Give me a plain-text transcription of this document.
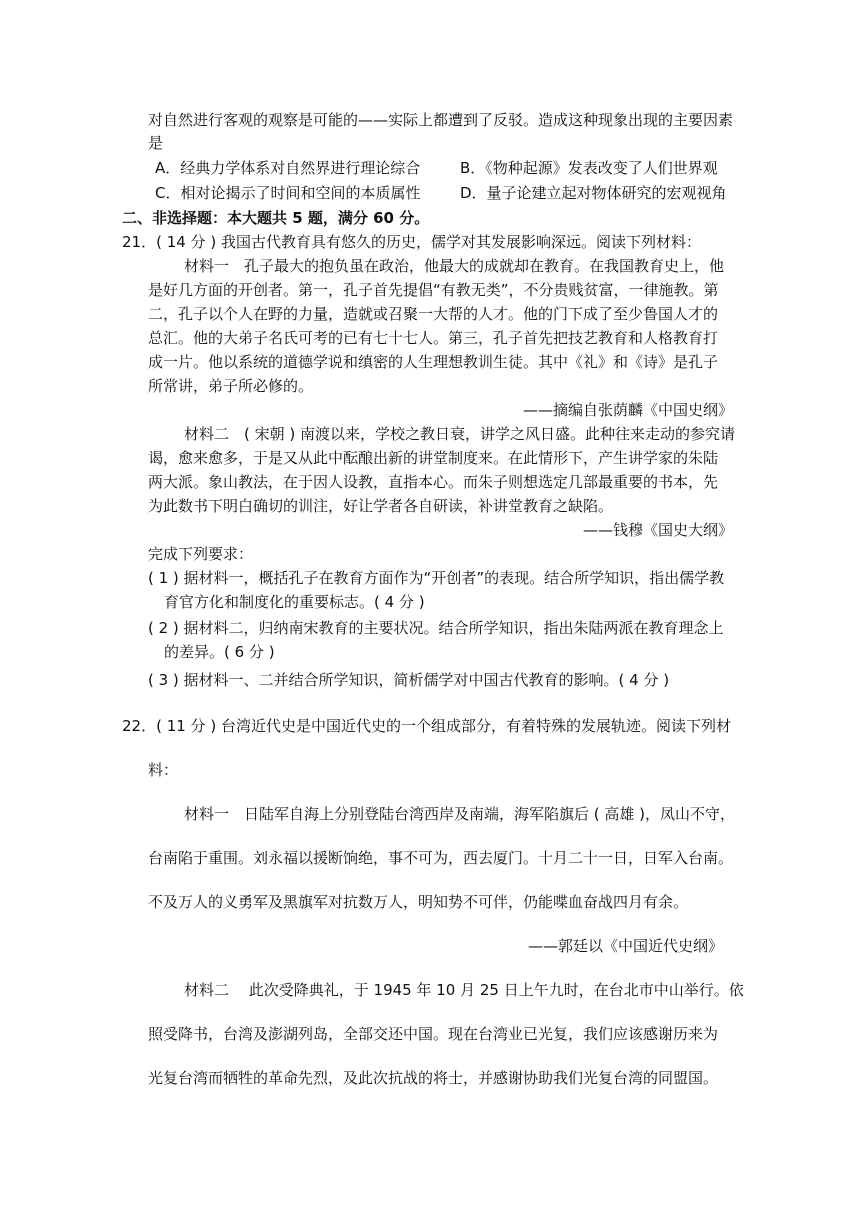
对自然进行客观的观察是可能的——实际上都遭到了反驳。造成这种现象出现的主要因素
是
A．经典力学体系对自然界进行理论综合	B．《物种起源》发表改变了人们世界观
C．相对论揭示了时间和空间的本质属性	D．量子论建立起对物体研究的宏观视角
二、非选择题：本大题共 5 题，满分 60 分。
21．( 14 分 ) 我国古代教育具有悠久的历史，儒学对其发展影响深远。阅读下列材料：
材料一　孔子最大的抱负虽在政治，他最大的成就却在教育。在我国教育史上，他
是好几方面的开创者。第一，孔子首先提倡“有教无类”，不分贵贱贫富，一律施教。第
二，孔子以个人在野的力量，造就或召聚一大帮的人才。他的门下成了至少鲁国人才的
总汇。他的大弟子名氏可考的已有七十七人。第三，孔子首先把技艺教育和人格教育打
成一片。他以系统的道德学说和缜密的人生理想教训生徒。其中《礼》和《诗》是孔子
所常讲，弟子所必修的。
——摘编自张荫麟《中国史纲》
材料二　( 宋朝 ) 南渡以来，学校之教日衰，讲学之风日盛。此种往来走动的参究请
谒，愈来愈多，于是又从此中酝酿出新的讲堂制度来。在此情形下，产生讲学家的朱陆
两大派。象山教法，在于因人设教，直指本心。而朱子则想选定几部最重要的书本，先
为此数书下明白确切的训注，好让学者各自研读，补讲堂教育之缺陷。
——钱穆《国史大纲》
完成下列要求：
( 1 ) 据材料一，概括孔子在教育方面作为“开创者”的表现。结合所学知识，指出儒学教
育官方化和制度化的重要标志。( 4 分 )
( 2 ) 据材料二，归纳南宋教育的主要状况。结合所学知识，指出朱陆两派在教育理念上
的差异。( 6 分 )
( 3 ) 据材料一、二并结合所学知识，简析儒学对中国古代教育的影响。( 4 分 )
22．( 11 分 ) 台湾近代史是中国近代史的一个组成部分，有着特殊的发展轨迹。阅读下列材
料：
材料一　日陆军自海上分别登陆台湾西岸及南端，海军陷旗后 ( 高雄 )，凤山不守，
台南陷于重围。刘永福以援断饷绝，事不可为，西去厦门。十月二十一日，日军入台南。
不及万人的义勇军及黑旗军对抗数万人，明知势不可伴，仍能喋血奋战四月有余。
——郭廷以《中国近代史纲》
材料二　 此次受降典礼，于 1945 年 10 月 25 日上午九时，在台北市中山举行。依
照受降书，台湾及澎湖列岛，全部交还中国。现在台湾业已光复，我们应该感谢历来为
光复台湾而牺牲的革命先烈，及此次抗战的将士，并感谢协助我们光复台湾的同盟国。
